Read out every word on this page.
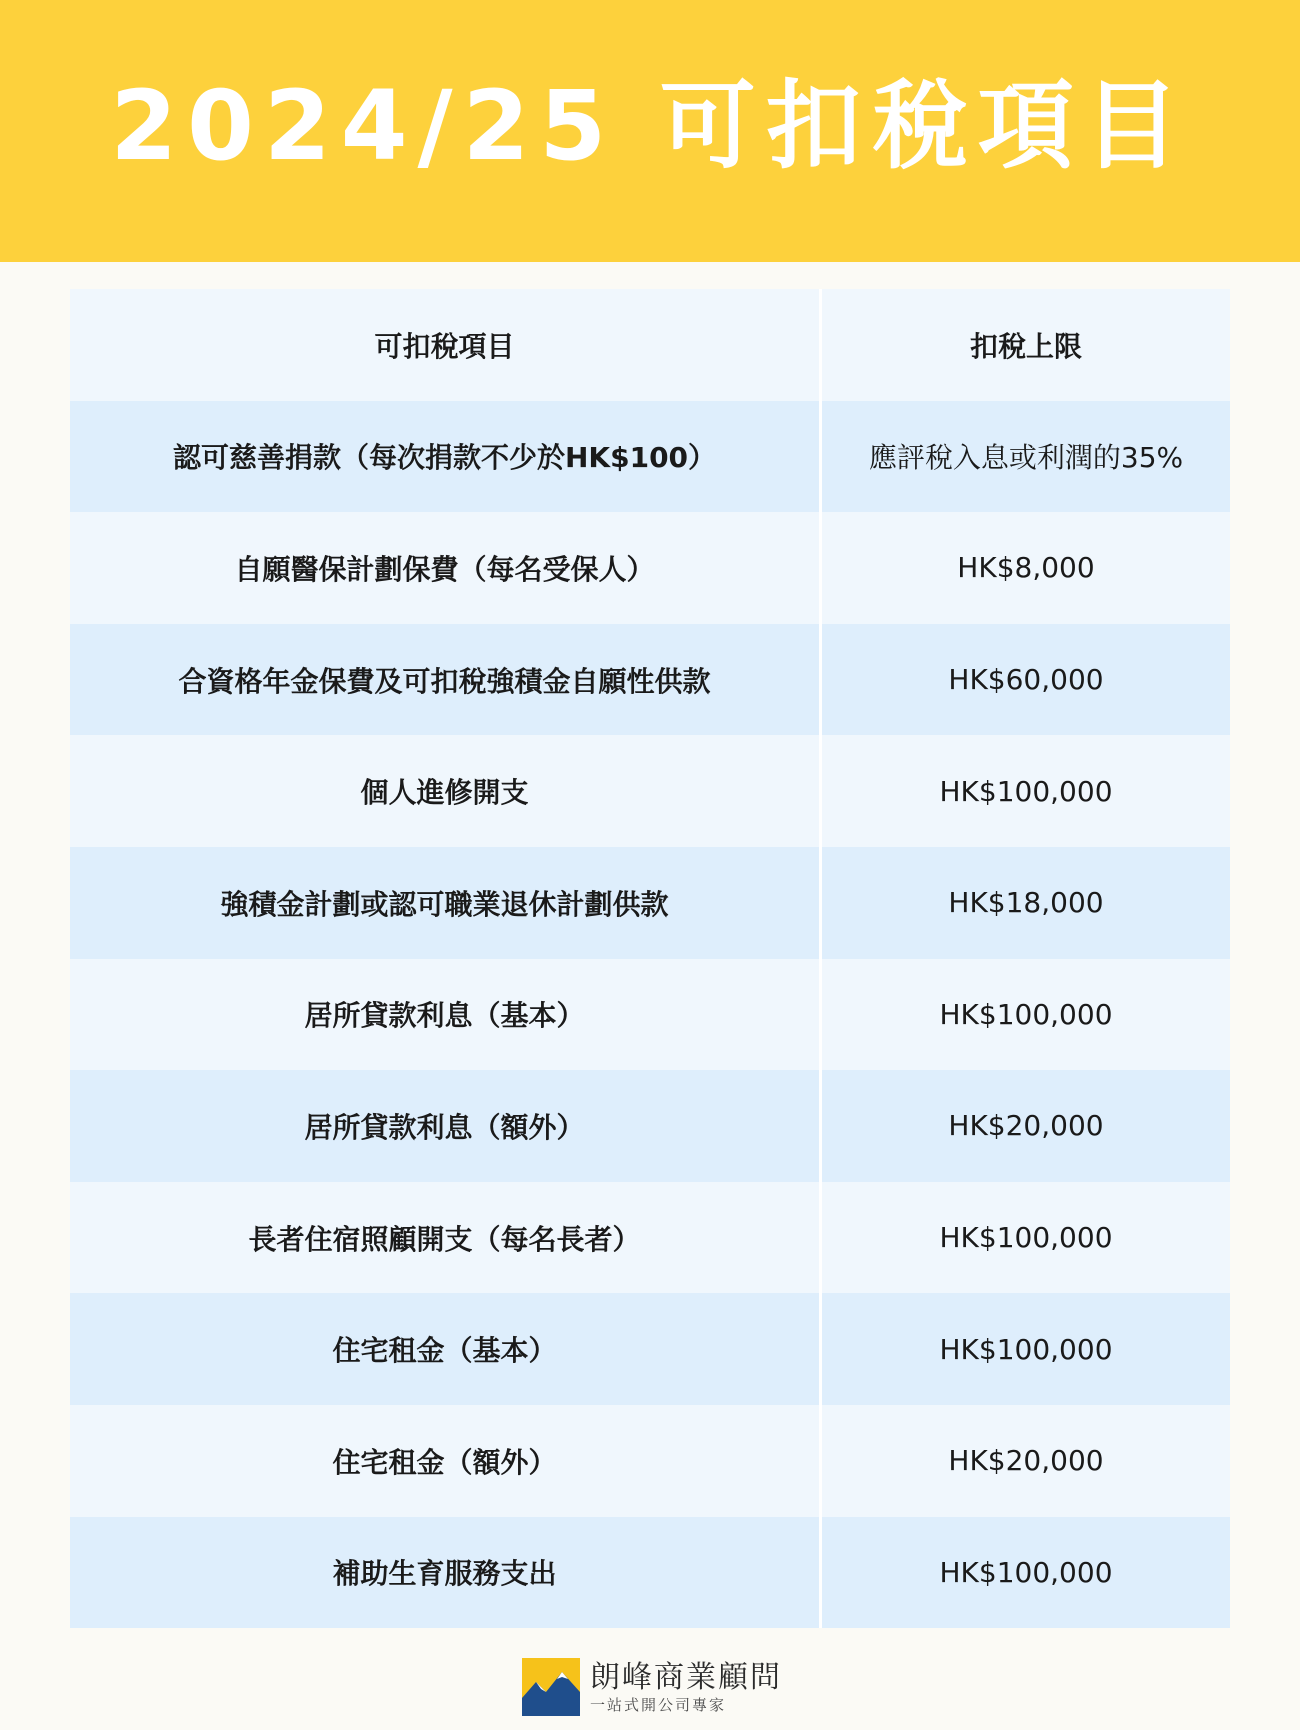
2024/25 可扣稅項目
可扣稅項目	扣稅上限
認可慈善捐款（每次捐款不少於HK$100）	應評稅入息或利潤的35%
自願醫保計劃保費（每名受保人）	HK$8,000
合資格年金保費及可扣稅強積金自願性供款	HK$60,000
個人進修開支	HK$100,000
強積金計劃或認可職業退休計劃供款	HK$18,000
居所貸款利息（基本）	HK$100,000
居所貸款利息（額外）	HK$20,000
長者住宿照顧開支（每名長者）	HK$100,000
住宅租金（基本）	HK$100,000
住宅租金（額外）	HK$20,000
補助生育服務支出	HK$100,000
朗峰商業顧問
一站式開公司專家
